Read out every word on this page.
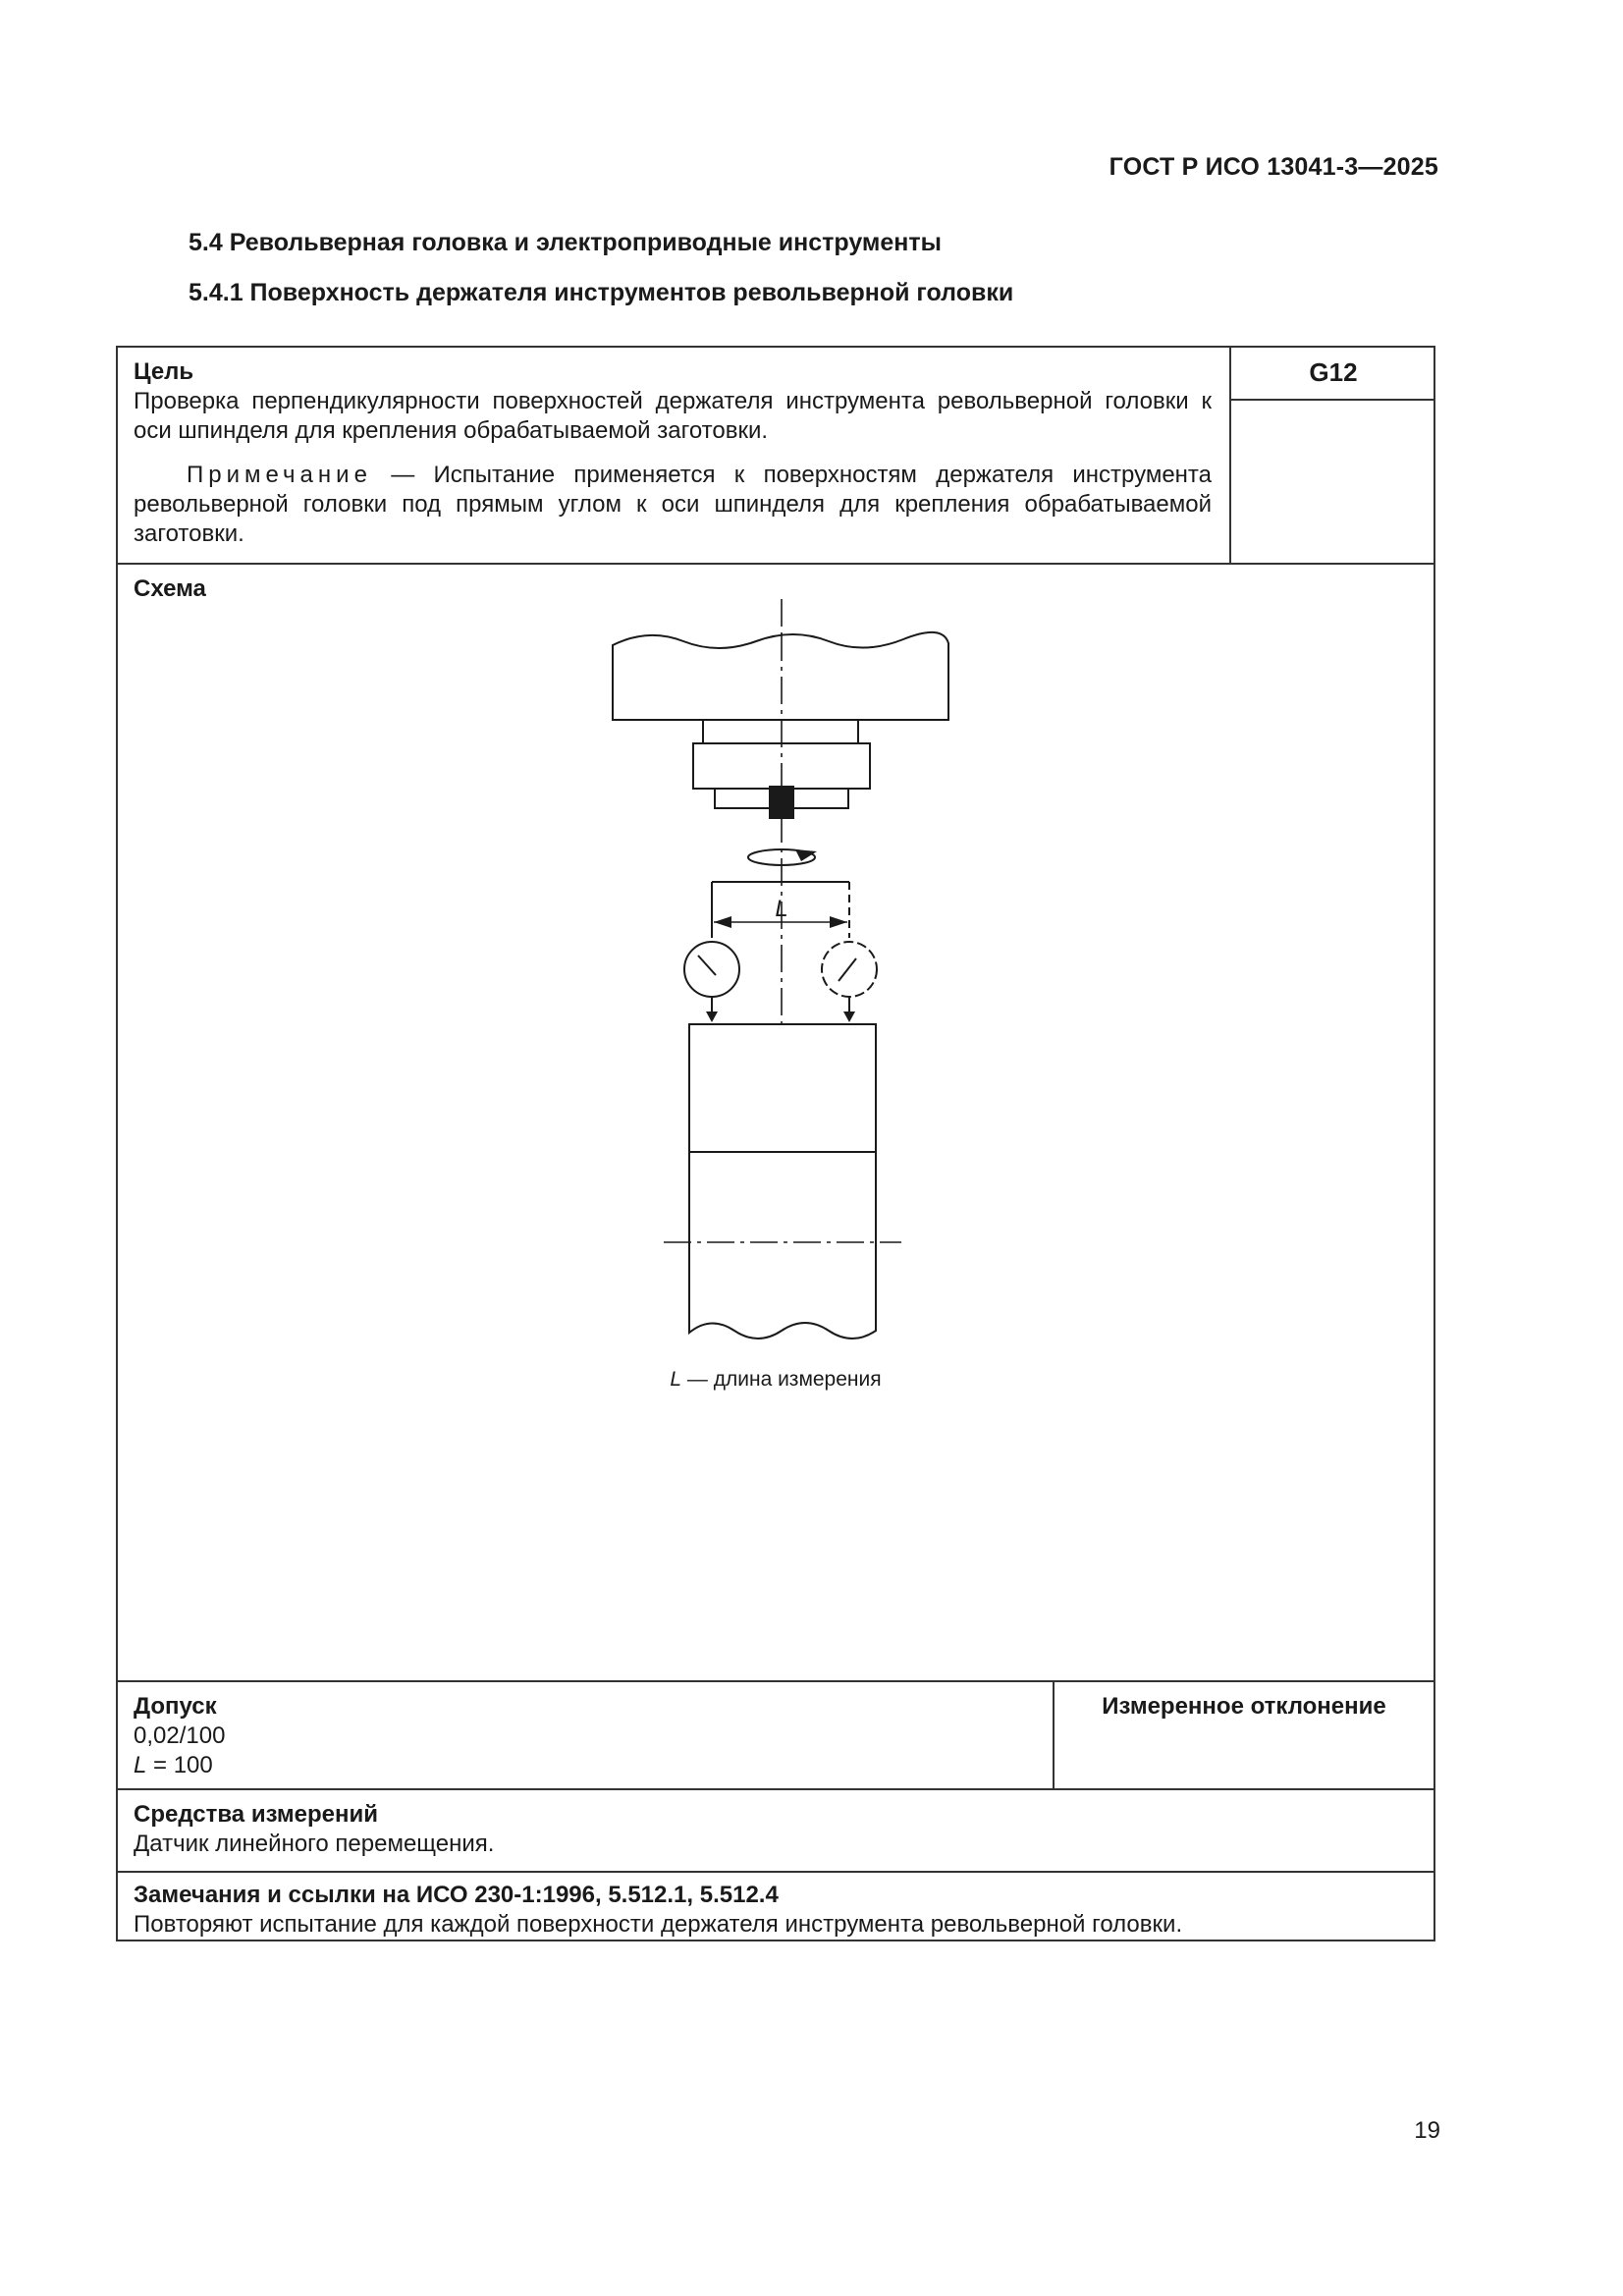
ГОСТ Р ИСО 13041-3—2025
5.4 Револьверная головка и электроприводные инструменты
5.4.1 Поверхность держателя инструментов револьверной головки
Цель
Проверка перпендикулярности поверхностей держателя инструмента револьверной головки к оси шпинделя для крепления обрабатываемой заготовки.
Примечание — Испытание применяется к поверхностям держателя инструмента револьверной головки под прямым углом к оси шпинделя для крепления обрабатываемой заготовки.
G12
Схема
L
L — длина измерения
Допуск
0,02/100
L = 100
Измеренное отклонение
Средства измерений
Датчик линейного перемещения.
Замечания и ссылки на ИСО 230-1:1996, 5.512.1, 5.512.4
Повторяют испытание для каждой поверхности держателя инструмента револьверной головки.
19
